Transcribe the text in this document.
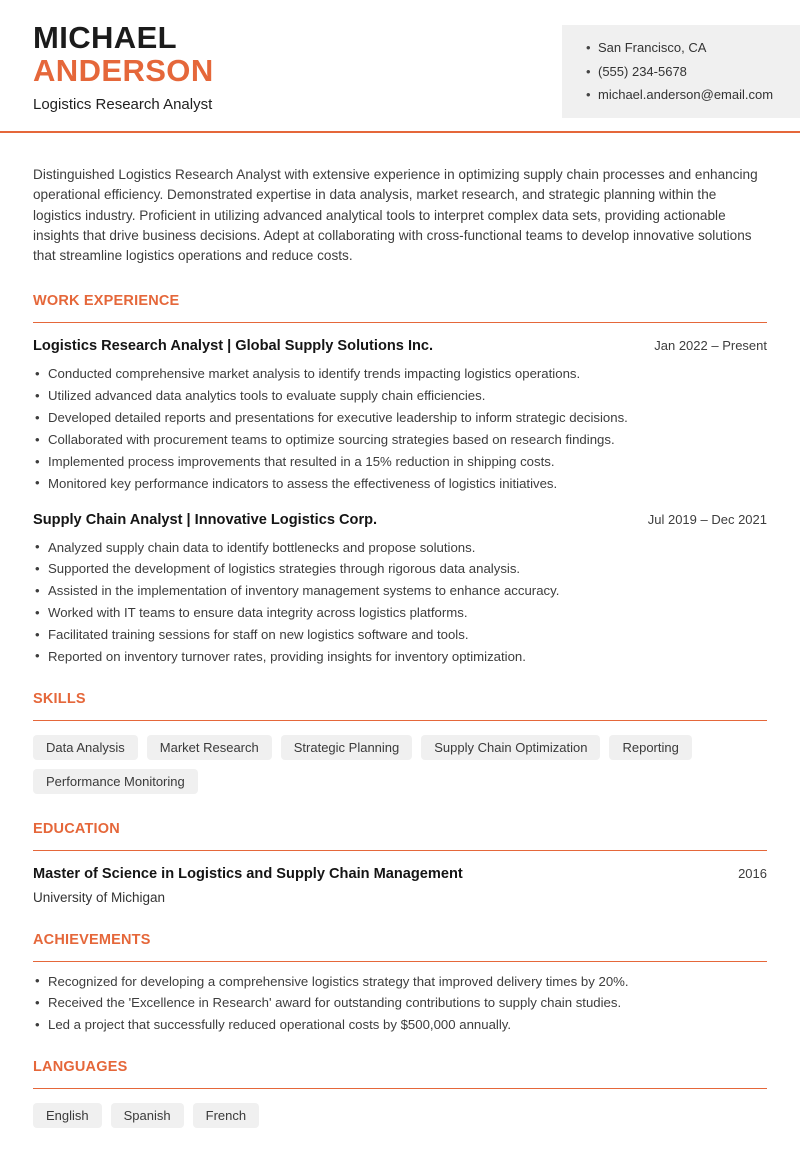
MICHAEL
ANDERSON
Logistics Research Analyst
• San Francisco, CA
• (555) 234-5678
• michael.anderson@email.com

Distinguished Logistics Research Analyst with extensive experience in optimizing supply chain processes and enhancing operational efficiency. Demonstrated expertise in data analysis, market research, and strategic planning within the logistics industry. Proficient in utilizing advanced analytical tools to interpret complex data sets, providing actionable insights that drive business decisions. Adept at collaborating with cross-functional teams to develop innovative solutions that streamline logistics operations and reduce costs.

WORK EXPERIENCE
Logistics Research Analyst | Global Supply Solutions Inc.	Jan 2022 – Present
• Conducted comprehensive market analysis to identify trends impacting logistics operations.
• Utilized advanced data analytics tools to evaluate supply chain efficiencies.
• Developed detailed reports and presentations for executive leadership to inform strategic decisions.
• Collaborated with procurement teams to optimize sourcing strategies based on research findings.
• Implemented process improvements that resulted in a 15% reduction in shipping costs.
• Monitored key performance indicators to assess the effectiveness of logistics initiatives.
Supply Chain Analyst | Innovative Logistics Corp.	Jul 2019 – Dec 2021
• Analyzed supply chain data to identify bottlenecks and propose solutions.
• Supported the development of logistics strategies through rigorous data analysis.
• Assisted in the implementation of inventory management systems to enhance accuracy.
• Worked with IT teams to ensure data integrity across logistics platforms.
• Facilitated training sessions for staff on new logistics software and tools.
• Reported on inventory turnover rates, providing insights for inventory optimization.
SKILLS
Data Analysis	Market Research	Strategic Planning	Supply Chain Optimization	Reporting
Performance Monitoring
EDUCATION
Master of Science in Logistics and Supply Chain Management	2016
University of Michigan
ACHIEVEMENTS
• Recognized for developing a comprehensive logistics strategy that improved delivery times by 20%.
• Received the 'Excellence in Research' award for outstanding contributions to supply chain studies.
• Led a project that successfully reduced operational costs by $500,000 annually.
LANGUAGES
English	Spanish	French
